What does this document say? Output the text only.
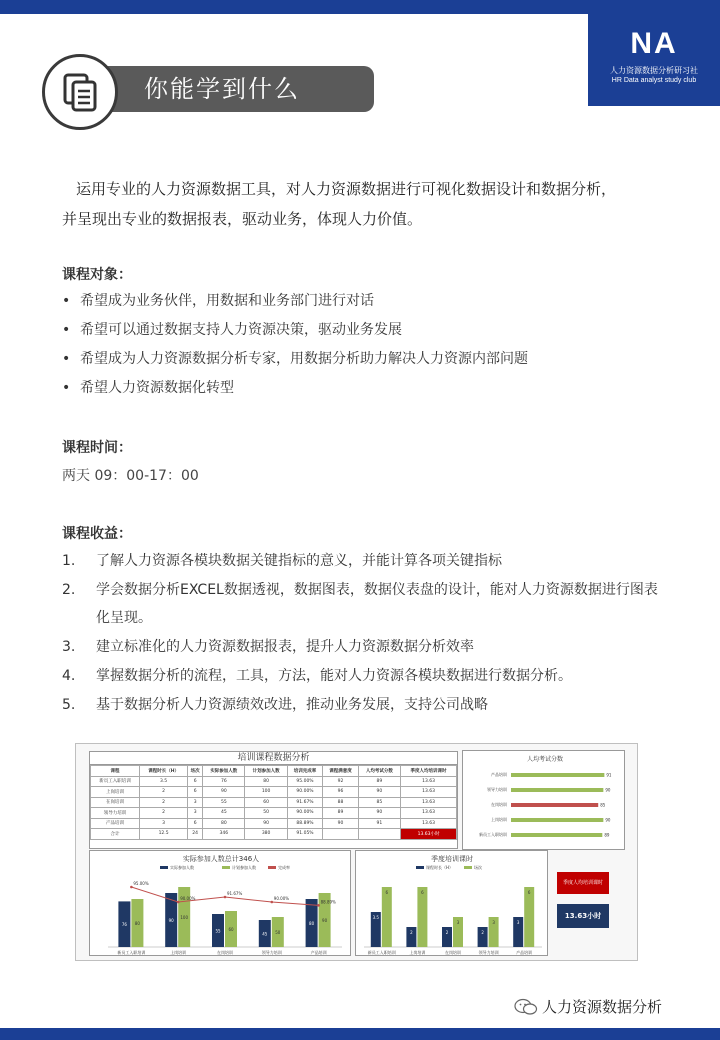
NA
人力资源数据分析研习社
HR Data analyst study club
你能学到什么

运用专业的人力资源数据工具，对人力资源数据进行可视化数据设计和数据分析，

并呈现出专业的数据报表，驱动业务，体现人力价值。
课程对象：
• 希望成为业务伙伴，用数据和业务部门进行对话
• 希望可以通过数据支持人力资源决策，驱动业务发展
• 希望成为人力资源数据分析专家，用数据分析助力解决人力资源内部问题
• 希望人力资源数据化转型
课程时间：
两天 09：00-17：00
课程收益：
1. 了解人力资源各模块数据关键指标的意义，并能计算各项关键指标
2. 学会数据分析EXCEL数据透视，数据图表，数据仪表盘的设计，能对人力资源数据进行图表化呈现。
3. 建立标准化的人力资源数据报表，提升人力资源数据分析效率
4. 掌握数据分析的流程，工具，方法，能对人力资源各模块数据进行数据分析。
5. 基于数据分析人力资源绩效改进，推动业务发展，支持公司战略
培训课程数据分析
课程	课程时长（H）	场次	实际参加人数	计划参加人数	培训完成率	课程满意度	人均考试分数	季度人均培训课时
新员工入职培训	3.5	6	76	80	95.00%	92	89	13.63
上岗培训	2	6	90	100	90.00%	96	90	13.63
在岗培训	2	3	55	60	91.67%	88	85	13.63
领导力培训	2	3	45	50	90.00%	89	90	13.63
产品培训	3	6	80	90	88.89%	90	91	13.63
合计	12.5	24	346	380	91.05%			13.63小时
人均考试分数
产品培训	91
领导力培训	90
在岗培训	85
上岗培训	90
新员工入职培训	89
实际参加人数总计346人
实际参加人数	计划参加人数	完成率
76 80
新员工入职培训
90
100
上岗培训
55 60
在岗培训
45 50
领导力培训
80
90
产品培训
95.00%
90.00%
91.67%
90.00%
88.89%
季度培训课时
课程时长（H）	场次
3.5
6
新员工入职培训
2
6
上岗培训
2
3
在岗培训
2
3
领导力培训
3
6
产品培训
季度人均培训课时
13.63小时
人力资源数据分析
